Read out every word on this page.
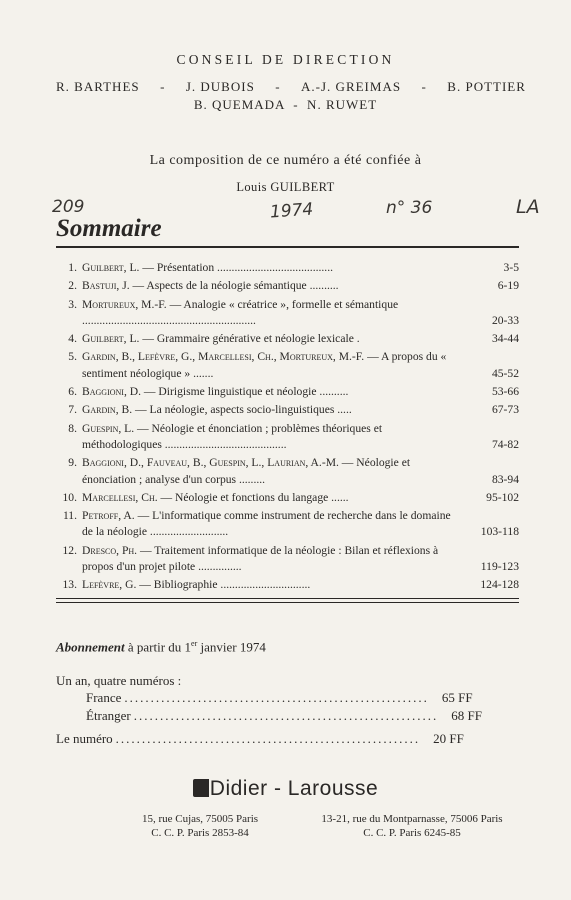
CONSEIL DE DIRECTION
R. BARTHES - J. DUBOIS - A.-J. GREIMAS - B. POTTIER
B. QUEMADA  -  N. RUWET
La composition de ce numéro a été confiée à
Louis GUILBERT
209	1974	n° 36	LA
Sommaire
1. Guilbert, L. — Présentation ........................................	3-5
2. Bastuji, J. — Aspects de la néologie sémantique ..........	6-19
3. Mortureux, M.-F. — Analogie « créatrice », formelle et sémantique ............................................................	20-33
4. Guilbert, L. — Grammaire générative et néologie lexicale .	34-44
5. Gardin, B., Lefèvre, G., Marcellesi, Ch., Mortureux, M.-F. — A propos du « sentiment néologique » .......	45-52
6. Baggioni, D. — Dirigisme linguistique et néologie ..........	53-66
7. Gardin, B. — La néologie, aspects socio-linguistiques .....	67-73
8. Guespin, L. — Néologie et énonciation ; problèmes théoriques et méthodologiques ..........................................	74-82
9. Baggioni, D., Fauveau, B., Guespin, L., Laurian, A.-M. — Néologie et énonciation ; analyse d'un corpus .........	83-94
10. Marcellesi, Ch. — Néologie et fonctions du langage ......	95-102
11. Petroff, A. — L'informatique comme instrument de recherche dans le domaine de la néologie ...........................	103-118
12. Dresco, Ph. — Traitement informatique de la néologie : Bilan et réflexions à propos d'un projet pilote ...............	119-123
13. Lefèvre, G. — Bibliographie ...............................	124-128
Abonnement à partir du 1er janvier 1974
Un an, quatre numéros :
France ..........................................................	65 FF
Étranger ..........................................................	68 FF
Le numéro ..........................................................	20 FF
Didier - Larousse
15, rue Cujas, 75005 Paris
C. C. P. Paris 2853-84
13-21, rue du Montparnasse, 75006 Paris
C. C. P. Paris 6245-85
